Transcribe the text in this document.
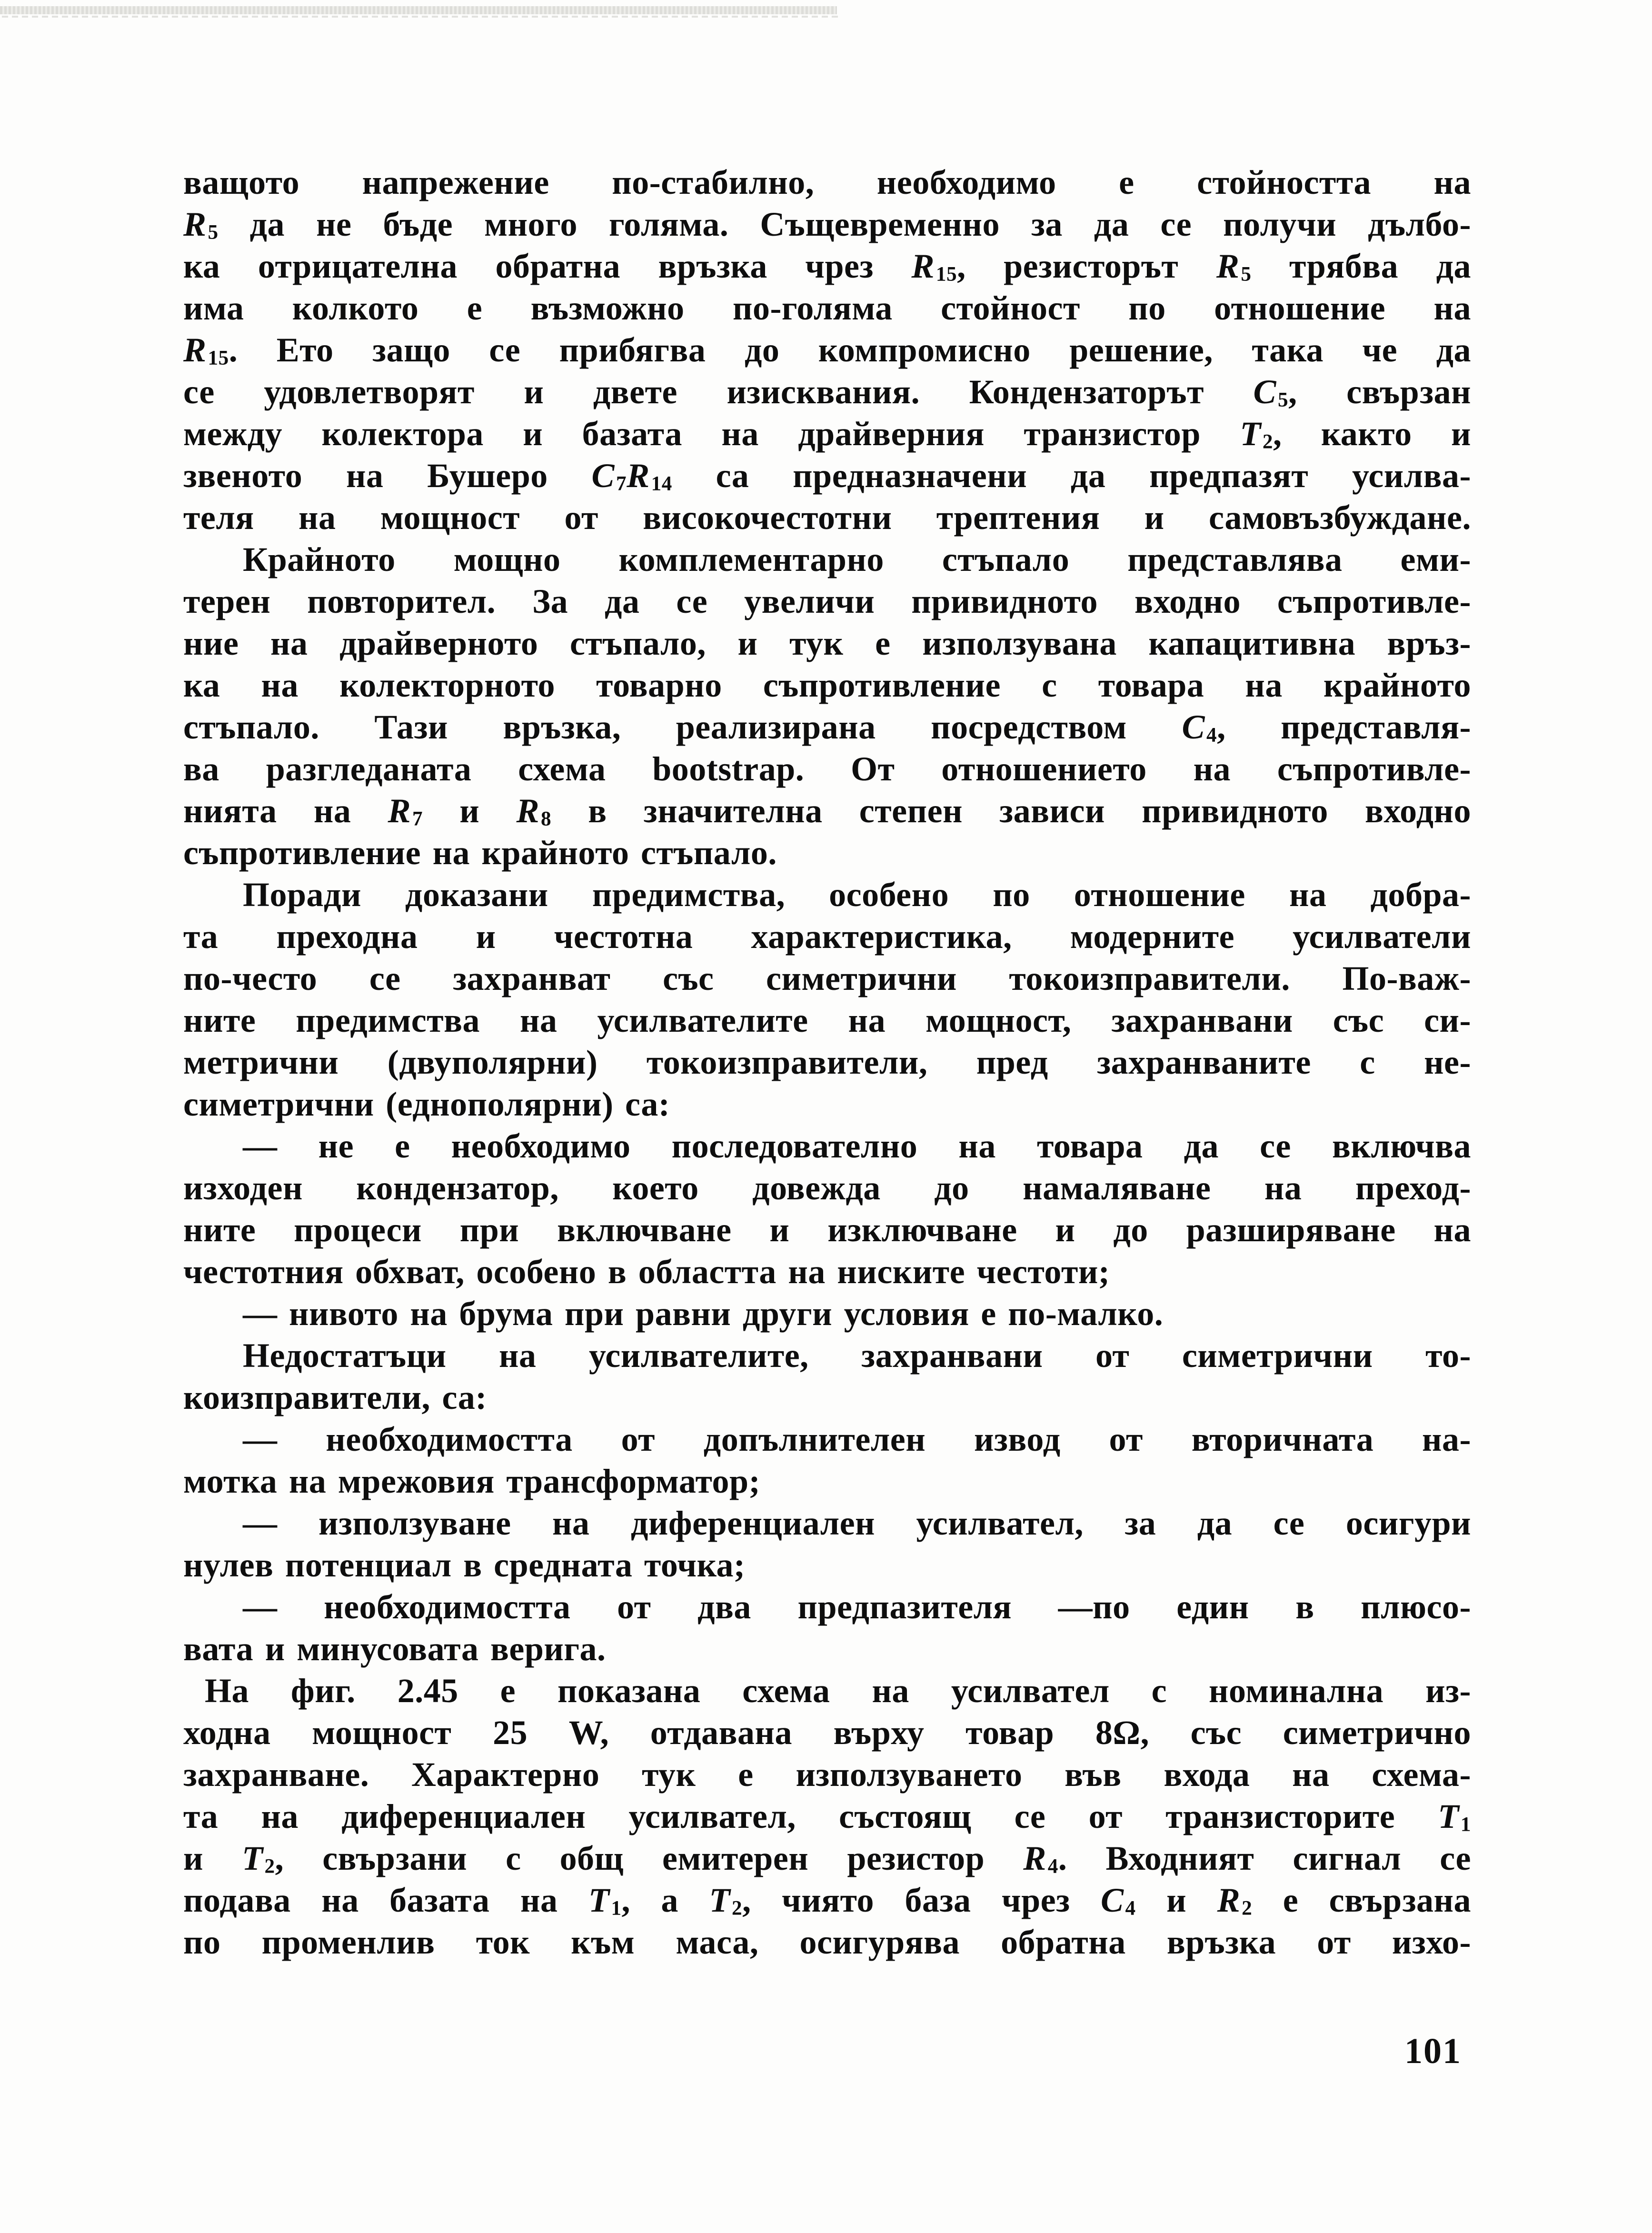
ващото напрежение по-стабилно, необходимо е стойността на
$R_5$ да не бъде много голяма. Същевременно за да се получи дълбо-
ка отрицателна обратна връзка чрез $R_{15}$, резисторът $R_5$ трябва да
има колкото е възможно по-голяма стойност по отношение на
$R_{15}$. Ето защо се прибягва до компромисно решение, така че да
се удовлетворят и двете изисквания. Кондензаторът $C_5$, свързан
между колектора и базата на драйверния транзистор $T_2$, както и
звеното на Бушеро $C_7R_{14}$ са предназначени да предпазят усилва-
теля на мощност от високочестотни трептения и самовъзбуждане.
Крайното мощно комплементарно стъпало представлява еми-
терен повторител. За да се увеличи привидното входно съпротивле-
ние на драйверното стъпало, и тук е използувана капацитивна връз-
ка на колекторното товарно съпротивление с товара на крайното
стъпало. Тази връзка, реализирана посредством $C_4$, представля-
ва разгледаната схема bootstrap. От отношението на съпротивле-
нията на $R_7$ и $R_8$ в значителна степен зависи привидното входно
съпротивление на крайното стъпало.
Поради доказани предимства, особено по отношение на добра-
та преходна и честотна характеристика, модерните усилватели
по-често се захранват със симетрични токоизправители. По-важ-
ните предимства на усилвателите на мощност, захранвани със си-
метрични (двуполярни) токоизправители, пред захранваните с не-
симетрични (еднополярни) са:
— не е необходимо последователно на товара да се включва
изходен кондензатор, което довежда до намаляване на преход-
ните процеси при включване и изключване и до разширяване на
честотния обхват, особено в областта на ниските честоти;
— нивото на брума при равни други условия е по-малко.
Недостатъци на усилвателите, захранвани от симетрични то-
коизправители, са:
— необходимостта от допълнителен извод от вторичната на-
мотка на мрежовия трансформатор;
— използуване на диференциален усилвател, за да се осигури
нулев потенциал в средната точка;
— необходимостта от два предпазителя —по един в плюсо-
вата и минусовата верига.
На фиг. 2.45 е показана схема на усилвател с номинална из-
ходна мощност 25 W, отдавана върху товар 8Ω, със симетрично
захранване. Характерно тук е използуването във входа на схема-
та на диференциален усилвател, състоящ се от транзисторите $T_1$
и $T_2$, свързани с общ емитерен резистор $R_4$. Входният сигнал се
подава на базата на $T_1$, а $T_2$, чиято база чрез $C_4$ и $R_2$ е свързана
по променлив ток към маса, осигурява обратна връзка от изхо-
101
